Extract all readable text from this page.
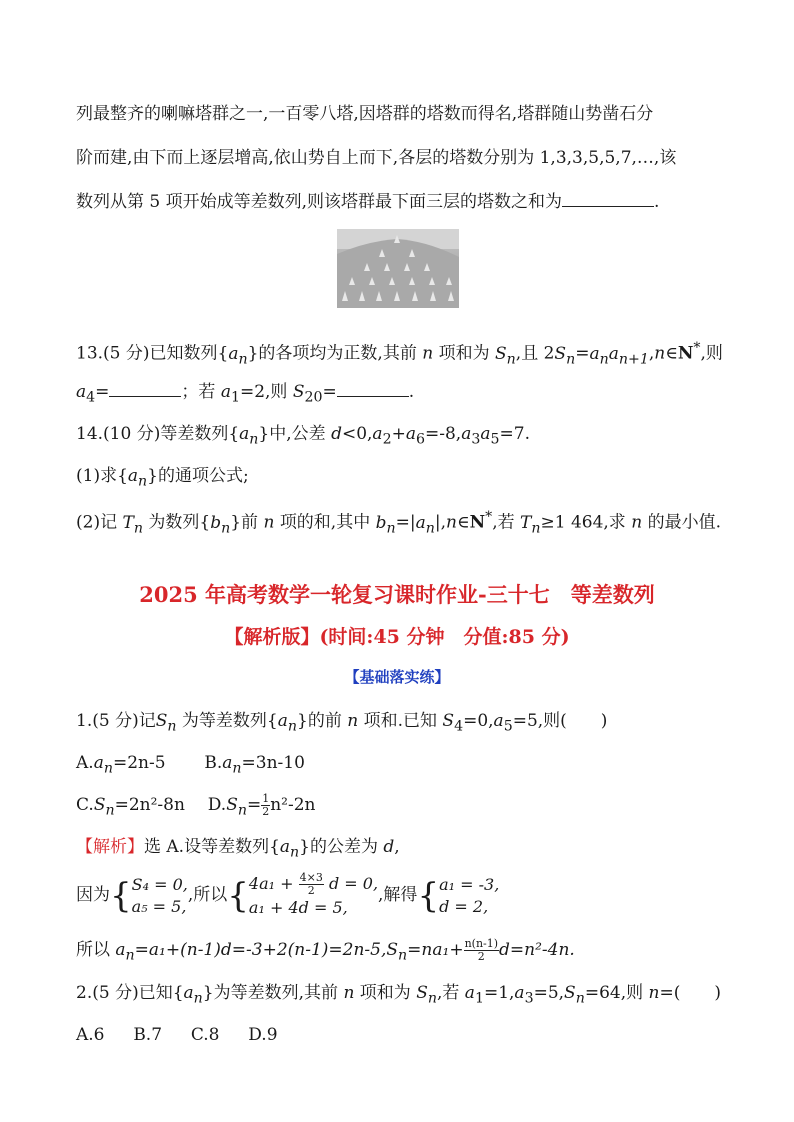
列最整齐的喇嘛塔群之一,一百零八塔,因塔群的塔数而得名,塔群随山势凿石分
阶而建,由下而上逐层增高,依山势自上而下,各层的塔数分别为 1,3,3,5,5,7,…,该
数列从第 5 项开始成等差数列,则该塔群最下面三层的塔数之和为	.
13.(5 分)已知数列$\{a_n\}$的各项均为正数,其前 n 项和为 $S_n$,且 $2S_n=a_na_{n+1},n\in N^*$,则
$a_4=$	；若 $a_1=2$,则 $S_{20}=$	.
14.(10 分)等差数列$\{a_n\}$中,公差 $d<0,a_2+a_6=-8,a_3a_5=7$.
(1)求$\{a_n\}$的通项公式;
(2)记 $T_n$ 为数列$\{b_n\}$前 n 项的和,其中 $b_n=|a_n|,n\in N^*$,若 $T_n\ge 1$ 464,求 n 的最小值.
2025 年高考数学一轮复习课时作业-三十七　等差数列
【解析版】(时间:45 分钟　分值:85 分)
【基础落实练】
1.(5 分)记$S_n$ 为等差数列$\{a_n\}$的前 n 项和.已知 $S_4=0,a_5=5$,则(　　)
$A.a_n=2n-5$ $B.a_n=3n-10$
$C.S_n=2n^2-8n$ $D.S_n= \frac{1}{2} n^2-2n$
【解析】选 A.设等差数列$\{a_n\}$的公差为 d,
因为{ S₄ = 0,
a₅ = 5,
,所以{ $4a_1 + \frac{4\times 3}{2}$ d = 0,
a₁ + 4d = 5,
,解得{ a₁ = -3,
d = 2,
所以 $a_n=a_1+(n-1)d=-3+2(n-1)=2n-5,S_n=na_1+ \frac{n(n-1)}{2} d=n^2-4n$.
2.(5 分)已知$\{a_n\}$为等差数列,其前 n 项和为 $S_n$,若 $a_1=1,a_3=5,S_n=64$,则 n=(　　)
A.6 B.7 C.8 D.9
